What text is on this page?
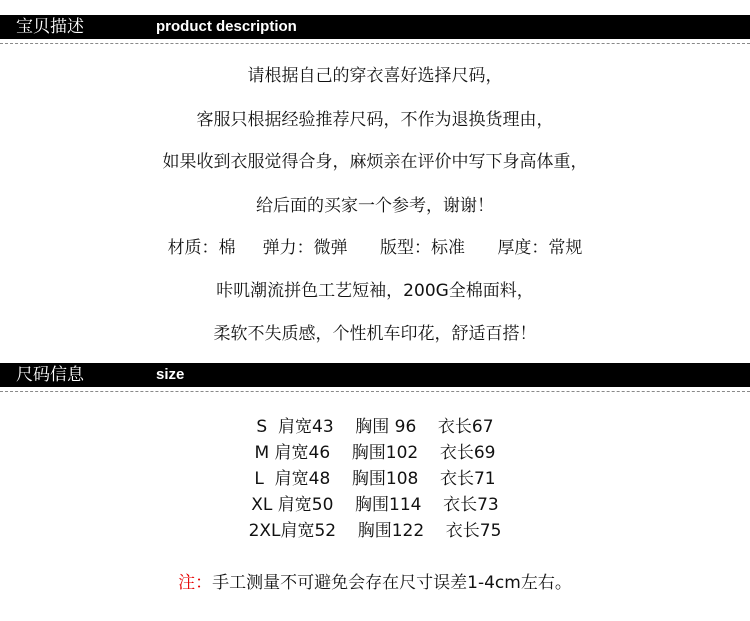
宝贝描述	product description
请根据自己的穿衣喜好选择尺码，
客服只根据经验推荐尺码，不作为退换货理由，
如果收到衣服觉得合身，麻烦亲在评价中写下身高体重，
给后面的买家一个参考，谢谢！
材质：棉     弹力：微弹      版型：标准      厚度：常规
咔叽潮流拼色工艺短袖，200G全棉面料，
柔软不失质感，个性机车印花，舒适百搭！
尺码信息	size
S  肩宽43    胸围 96    衣长67
M 肩宽46    胸围102    衣长69
L  肩宽48    胸围108    衣长71
XL 肩宽50    胸围114    衣长73
2XL肩宽52    胸围122    衣长75
注：手工测量不可避免会存在尺寸误差1-4cm左右。
